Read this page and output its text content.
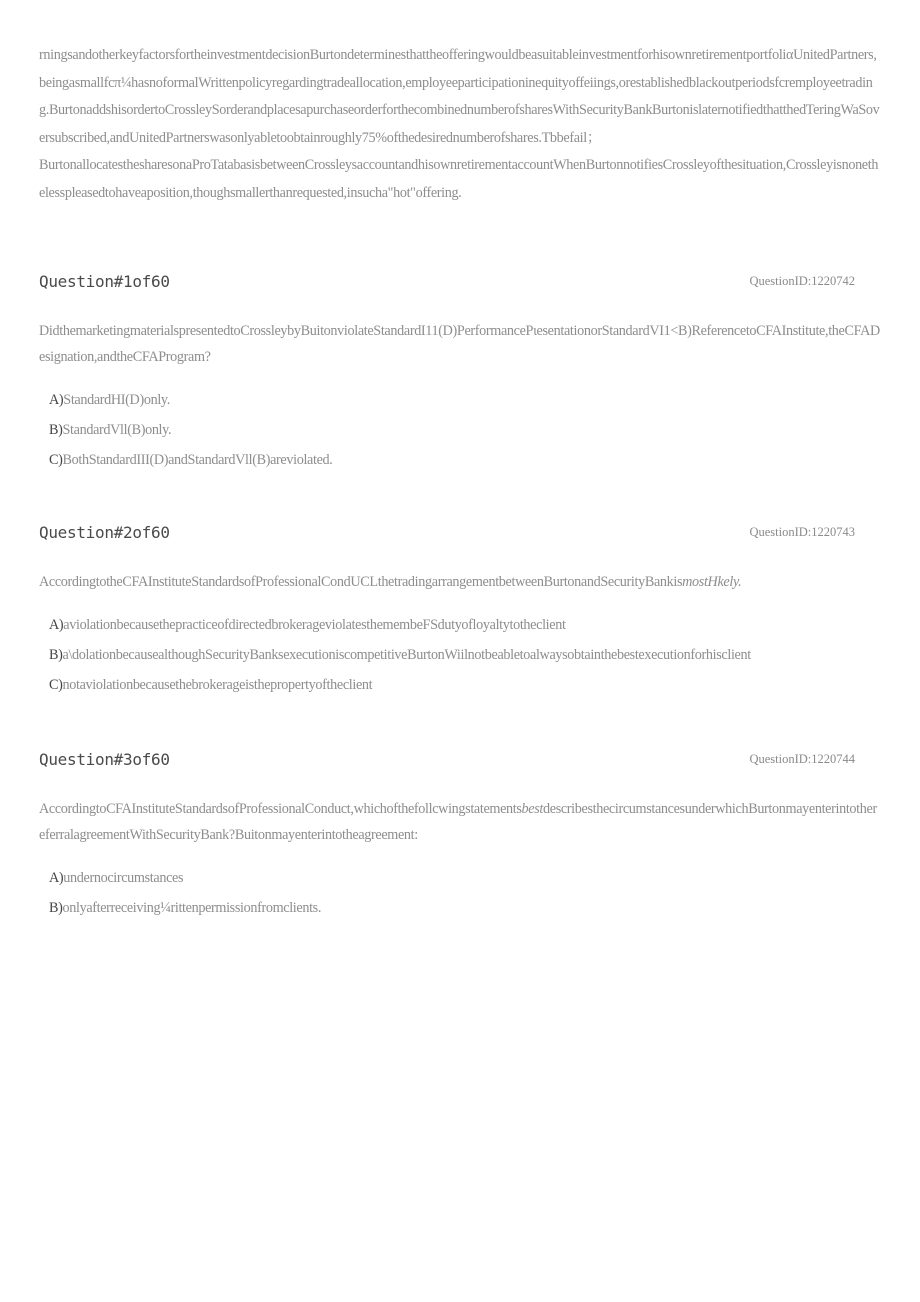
rningsandotherkeyfactorsfortheinvestmentdecisionBurtondeterminesthattheofferingwouldbeasuitableinvestmentforhisownretirementportfoliαUnitedPartners,beingasmallfcπ¼hasnoformalWrittenpolicyregardingtradeallocation,employeeparticipationinequityoffeiings,orestablishedblackoutperiodsfcremployeetrading.BurtonaddshisordertoCrossleySorderandplacesapurchaseorderforthecombinednumberofsharesWithSecurityBankBurtonislaternotifiedthatthedTeringWaSoversubscribed,andUnitedPartnerswasonlyabletoobtainroughly75%ofthedesirednumberofshares.Tbbefail；

BurtonallocatesthesharesonaProTatabasisbetweenCrossleysaccountandhisownretirementaccountWhenBurtonnotifiesCrossleyofthesituation,Crossleyisnonethelesspleasedtohaveaposition,thoughsmallerthanrequested,insucha"hot"offering.

Question#1of60	QuestionID:1220742
DidthemarketingmaterialspresentedtoCrossleybyBuitonviolateStandardI11(D)PerformancePιesentationorStandardVI1<B)ReferencetoCFAInstitute,theCFADesignation,andtheCFAProgram?
A)StandardHI(D)only.
B)StandardVll(B)only.
C)BothStandardIII(D)andStandardVll(B)areviolated.
Question#2of60	QuestionID:1220743
AccordingtotheCFAInstituteStandardsofProfessionalCondUCLthetradingarrangementbetweenBurtonandSecurityBankismostHkely.
A)aviolationbecausethepracticeofdirectedbrokerageviolatesthemembeFSdutyofloyaltytotheclient
B)a\dolationbecausealthoughSecurityBanksexecutioniscompetitiveBurtonWiilnotbeabletoalwaysobtainthebestexecutionforhisclient
C)notaviolationbecausethebrokerageisthepropertyoftheclient
Question#3of60	QuestionID:1220744
AccordingtoCFAInstituteStandardsofProfessionalConduct,whichofthefollcwingstatementsbestdescribesthecircumstancesunderwhichBurtonmayenterintothereferralagreementWithSecurityBank?Buitonmayenterintotheagreement:
A)undernocircumstances
B)onlyafterreceiving¼rittenpermissionfromclients.
